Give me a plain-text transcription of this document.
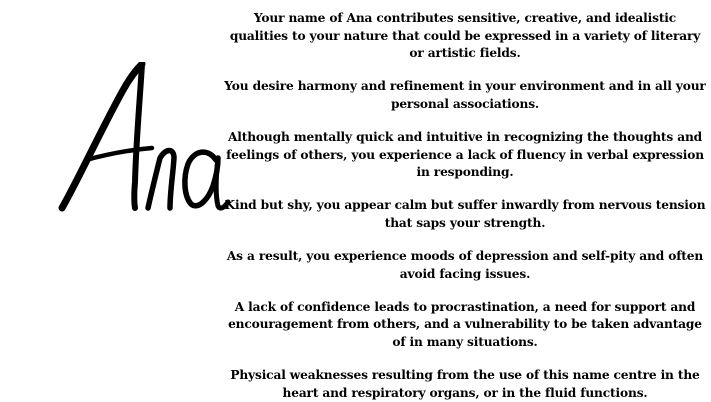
Your name of Ana contributes sensitive, creative, and idealistic qualities to your nature that could be expressed in a variety of literary or artistic fields.

You desire harmony and refinement in your environment and in all your personal associations.

Although mentally quick and intuitive in recognizing the thoughts and feelings of others, you experience a lack of fluency in verbal expression in responding.

Kind but shy, you appear calm but suffer inwardly from nervous tension that saps your strength.

As a result, you experience moods of depression and self-pity and often avoid facing issues.

A lack of confidence leads to procrastination, a need for support and encouragement from others, and a vulnerability to be taken advantage of in many situations.

Physical weaknesses resulting from the use of this name centre in the heart and respiratory organs, or in the fluid functions.
